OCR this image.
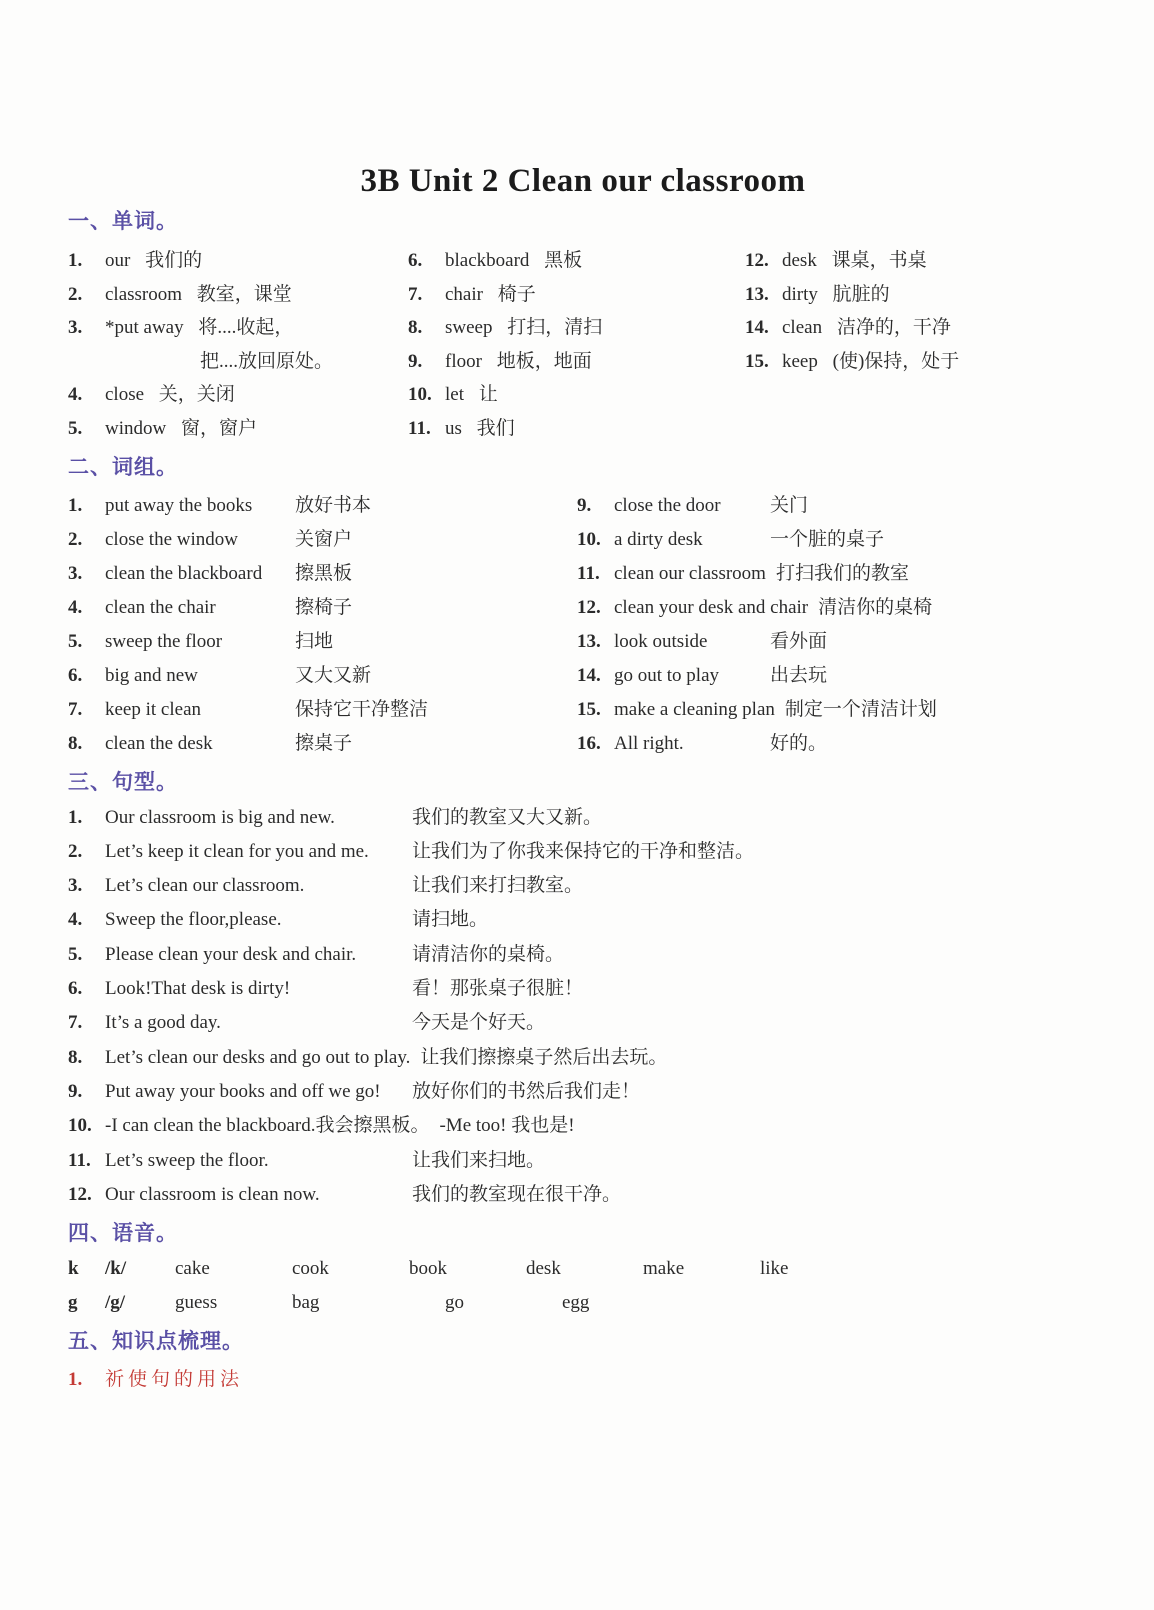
3B Unit 2 Clean our classroom
一、单词。
1.	our 我们的
2.	classroom 教室，课堂
3.	*put away 将....收起，
把....放回原处。
4.	close 关，关闭
5.	window 窗，窗户
6.	blackboard 黑板
7.	chair 椅子
8.	sweep 打扫，清扫
9.	floor 地板，地面
10. let 让
11. us 我们
12. desk 课桌，书桌
13. dirty 肮脏的
14. clean 洁净的，干净
15. keep (使)保持，处于
二、词组。
1.	put away the books	放好书本
2.	close the window	关窗户
3.	clean the blackboard	擦黑板
4.	clean the chair	擦椅子
5.	sweep the floor	扫地
6.	big and new	又大又新
7.	keep it clean	保持它干净整洁
8.	clean the desk	擦桌子
9.	close the door	关门
10. a dirty desk	一个脏的桌子
11. clean our classroom 打扫我们的教室
12. clean your desk and chair 清洁你的桌椅
13. look outside	看外面
14. go out to play	出去玩
15. make a cleaning plan 制定一个清洁计划
16. All right.	好的。
三、句型。
1.	Our classroom is big and new.	我们的教室又大又新。
2.	Let’s keep it clean for you and me.	让我们为了你我来保持它的干净和整洁。
3.	Let’s clean our classroom.	让我们来打扫教室。
4.	Sweep the floor,please.	请扫地。
5.	Please clean your desk and chair.	请清洁你的桌椅。
6.	Look!That desk is dirty!	看！那张桌子很脏！
7.	It’s a good day.	今天是个好天。
8.	Let’s clean our desks and go out to play. 让我们擦擦桌子然后出去玩。
9.	Put away your books and off we go!	放好你们的书然后我们走！
10. -I can clean the blackboard.我会擦黑板。 -Me too! 我也是!
11. Let’s sweep the floor.	让我们来扫地。
12. Our classroom is clean now.	我们的教室现在很干净。
四、语音。
k	/k/	cake	cook	book	desk	make	like
g	/g/	guess	bag	go	egg
五、知识点梳理。
1.	祈使句的用法
